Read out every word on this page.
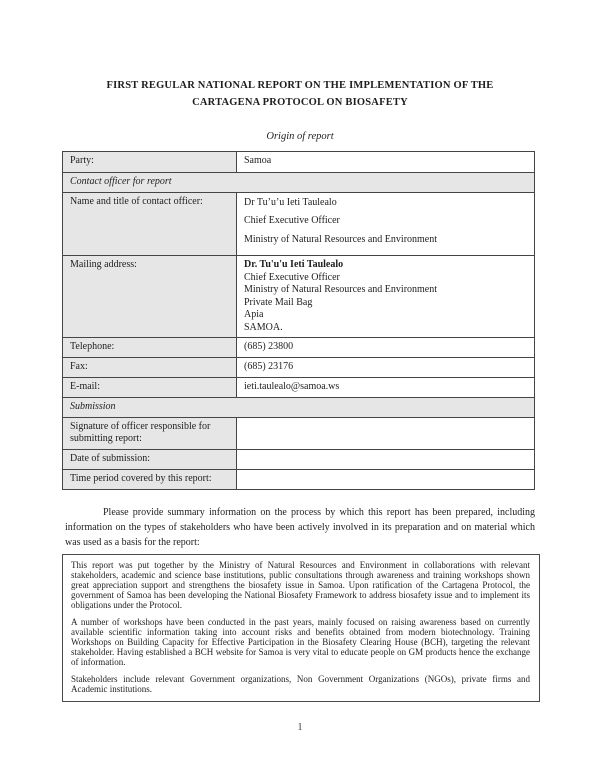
FIRST REGULAR NATIONAL REPORT ON THE IMPLEMENTATION OF THE
CARTAGENA PROTOCOL ON BIOSAFETY
Origin of report
Party:	Samoa
Contact officer for report	
Name and title of contact officer:	Dr Tu’u’u Ieti Taulealo
Chief Executive Officer
Ministry of Natural Resources and Environment

Mailing address:	Dr. Tu'u'u Ieti Taulealo
Chief Executive Officer
Ministry of Natural Resources and Environment
Private Mail Bag
Apia
SAMOA.

Telephone:	(685) 23800
Fax:	(685) 23176
E-mail:	ieti.taulealo@samoa.ws
Submission	
Signature of officer responsible for submitting report:	
Date of submission:	
Time period covered by this report:	

Please provide summary information on the process by which this report has been prepared, including information on the types of stakeholders who have been actively involved in its preparation and on material which was used as a basis for the report:

This report was put together by the Ministry of Natural Resources and Environment in collaborations with relevant stakeholders, academic and science base institutions, public consultations through awareness and training workshops shown great appreciation support and strengthens the biosafety issue in Samoa. Upon ratification of the Cartagena Protocol, the government of Samoa has been developing the National Biosafety Framework to address biosafety issue and to implement its obligations under the Protocol.

A number of workshops have been conducted in the past years, mainly focused on raising awareness based on currently available scientific information taking into account risks and benefits obtained from modern biotechnology. Training Workshops on Building Capacity for Effective Participation in the Biosafety Clearing House (BCH), targeting the relevant stakeholder. Having established a BCH website for Samoa is very vital to educate people on GM products hence the exchange of information.

Stakeholders include relevant Government organizations, Non Government Organizations (NGOs), private firms and Academic institutions.

1
